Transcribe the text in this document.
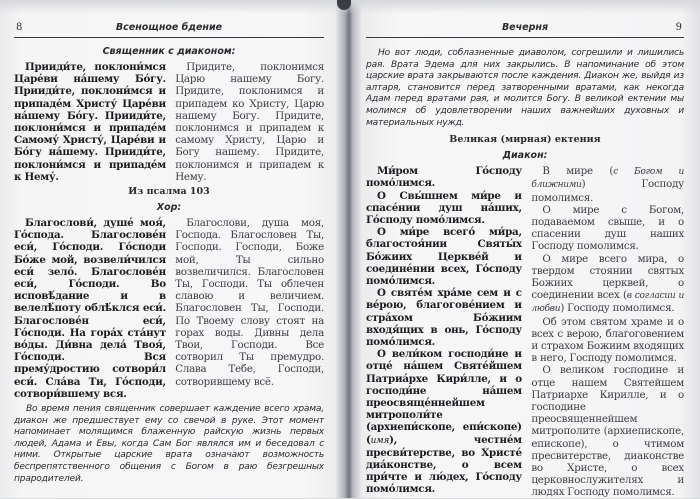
8	Всенощное бдение
Священник с диаконом:

Прииди́те, поклони́мся Царе́ви на́шему Бо́гу. Прииди́те, поклони́мся и припаде́м Христу́ Царе́ви на́шему Бо́гу. Прииди́те, поклони́мся и припаде́м Самому́ Христу́, Царе́ви и Бо́гу на́шему. Прииди́те, поклони́мся и припаде́м к Нему́.

Придите, поклонимся Царю нашему Богу. Придите, поклонимся и припадем ко Христу, Царю нашему Богу. Придите, поклонимся и припадем к самому Христу, Царю и Богу нашему. Придите, поклонимся и припадем к Нему.

Из псалма 103
Хор:

Благослови́, душе́ моя́, Го́спода. Благослове́н еси́, Го́споди. Го́споди Бо́же мой, возвели́чился еси́ зело́. Благослове́н еси́, Го́споди. Во исповѣ́дание и в велелѣ́поту облѣ́клся еси́. Благослове́н еси́, Го́споди. На гора́х ста́нут во́ды. Ди́вна дела́ Твоя́, Го́споди. Вся прему́дростию сотвори́л еси́. Сла́ва Ти, Го́споди, сотвори́вшему вся.

Благослови, душа моя, Господа. Благословен Ты, Господи. Господи, Боже мой, Ты сильно возвеличился. Благословен Ты, Господи. Ты облечен славою и величием. Благословен Ты, Господи. По Твоему слову стоят на горах воды. Дивны дела Твои, Господи. Все сотворил Ты премудро. Слава Тебе, Господи, сотворившему всё.

Во время пения священник совершает каждение всего храма, диакон же предшествует ему со свечой в руке. Этот момент напоминает молящимся блаженную райскую жизнь первых людей, Адама и Евы, когда Сам Бог являлся им и беседовал с ними. Открытые царские врата означают возможность беспрепятственного общения с Богом в раю безгрешных прародителей.

Вечерня	9

Но вот люди, соблазненные диаволом, согрешили и лишились рая. Врата Эдема для них закрылись. В напоминание об этом царские врата закрываются после каждения. Диакон же, выйдя из алтаря, становится перед затворенными вратами, как некогда Адам перед вратами рая, и молится Богу. В великой ектении мы молимся об удовлетворении наших важнейших духовных и материальных нужд.

Великая (мирная) ектения
Диакон:

Ми́ром Го́споду помо́лимся.

О Свы́шнем ми́ре и спасе́нии душ на́ших, Го́споду помо́лимся.

О ми́ре всего́ ми́ра, благостоя́нии Святы́х Бо́жиих Церкве́й и соедине́нии всех, Го́споду помо́лимся.

О святе́м хра́ме сем и с ве́рою, благогове́нием и стра́хом Бо́жиим входя́щих в онь, Го́споду помо́лимся.

О вели́ком господи́не и отце́ на́шем Святе́йшем Патриа́рхе Кири́лле, и о господи́не на́шем преосвяще́ннейшем митрополи́те (архиепи́скопе, епи́скопе) (имя), честне́м пресви́терстве, во Христе́ диа́констве, о всем при́чте и лю́дех, Го́споду помо́лимся.

В мире (с Богом и ближними) Господу помолимся.

О мире с Богом, подаваемом свыше, и о спасении душ наших Господу помолимся.

О мире всего мира, о твердом стоянии святых Божиих церквей, о соединении всех (в согласии и любви) Господу помолимся.

Об этом святом храме и о всех с верою, благоговением и страхом Божиим входящих в него, Господу помолимся.

О великом господине и отце нашем Святейшем Патриархе Кирилле, и о господине преосвященнейшем митрополите (архиепископе, епископе), о чтимом пресвитерстве, диаконстве во Христе, о всех церковнослужителях и людях Господу помолимся.
